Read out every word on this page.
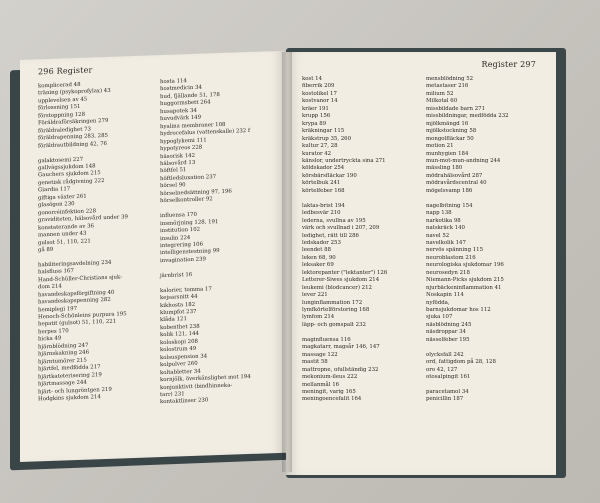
296 Register
komplicerad 48
träning (psykoprofylax) 43
upplevelsen av 45
förlossning 151
förstoppning 128
Föräldraförsäkringen 279
föräldraledighet 73
föräldrapenning 283, 285
föräldrautbildning 42, 76
galaktosemi 227
gallvägssjukdom 148
Gauchers sjukdom 215
genetisk rådgivning 222
Giardia 117
giftiga växter 261
glasögon 230
gonorréinfektion 228
graviditeten, hälsovård under 39
konstaterande av 36
mannen under 43
gulsot 51, 110, 221
gå 89
habiliteringsavdelning 234
halsfluss 167
Hand-Schüller-Christians sjuk-
dom 214
havandeskapsförgiftning 40
havandeskapspenning 282
hemiplegi 197
Henoch-Schönleins purpura 195
hepatit (gulsot) 51, 110, 221
herpes 170
hicka 49
hjärnblödning 247
hjärnskakning 246
hjärntumörer 215
hjärtfel, medfödda 217
hjärtkateterisering 219
hjärtmassage 244
hjärt- och lungröntgen 219
Hodgkins sjukdom 214
hosta 114
hostmedicin 34
hud, fjällande 51, 178
huggormsbett 264
husapotek 34
huvudvärk 149
hyalina membraner 108
hydrocefalus (vattenskalle) 232 f
hypoglykemi 111
hypotyreos 228
häsorisk 142
hälsovård 13
höftfel 51
höftledsluxation 237
hörsel 90
hörselnedsättning 97, 196
hörselkontroller 92
influensa 170
insmörjning 128, 191
institution 102
insulin 224
integrering 106
intelligenstestning 99
invagination 239
järnbrist 16
kalorier, tomma 17
kejsarsnitt 44
kikhosta 182
klumpfot 237
klåda 121
kobenthet 238
kolik 121, 144
koloskopi 208
kolostrum 49
kolsuspension 34
kolpulver 260
koltabletter 34
kornjölk, överkänslighet mot 194
konjunktivit (bindhinneka-
tarr) 231
kontaktlinser 230
Register 297
kost 14
fiberrik 209
kostolikel 17
kostvanor 14
kräer 191
krupp 156
krypa 89
kräkningar 115
kräkstrup 35, 260
kultur 27, 28
kurator 42
känslor, undertryckta sina 271
köldskador 254
körsbärsfläckar 190
körtelbuk 241
körtelfeber 168
laktas-brist 194
ledbesvär 210
lederna, svullna av 195
värk och svullnad i 207, 209
ledighet, rätt till 286
ledskador 253
leendet 88
leken 68, 90
leksaker 69
lektorepanter ("lektanter") 126
Letterer-Siwes sjukdom 214
leukemi (blodcancer) 212
lever 221
lunginflammation 172
lymfkörtelförstoring 168
lymfom 214
läpp- och gomspalt 232
maginfluensa 116
magkatarr, magsår 146, 147
massage 122
mastit 58
mattropne, ofullständig 232
mekonium-ileus 222
mellanmål 16
meningit, varig 165
meningoencefalit 164
mensblödning 52
metastaser 216
milium 52
Milkotal 60
missbildade barn 271
missbildningar, medfödda 232
mjölkmängd 16
mjölkstockning 58
mongolfläckar 50
motion 21
munhygien 184
mun-mot-mun-andning 244
mässling 180
mödrahälsovård 287
mödravårdscentral 40
mögelsvamp 186
nagelbitning 154
napp 138
narkotika 98
natskräck 140
navel 52
navelkolik 147
nervös spänning 115
neuroblastom 216
neurologiska sjukdomar 196
neurosedyn 218
Niemann-Picks sjukdom 215
njurbäckeninflammation 41
Noskapin 114
nyfödda,
barnsjukdomar hos 112
sjuka 107
näsblödning 245
näsdroppar 34
nässelfeber 195
olycksfall 242
ord, fattigdom på 28, 128
oro 42, 127
otosalpingit 161
paracetamol 34
penicillin 187
